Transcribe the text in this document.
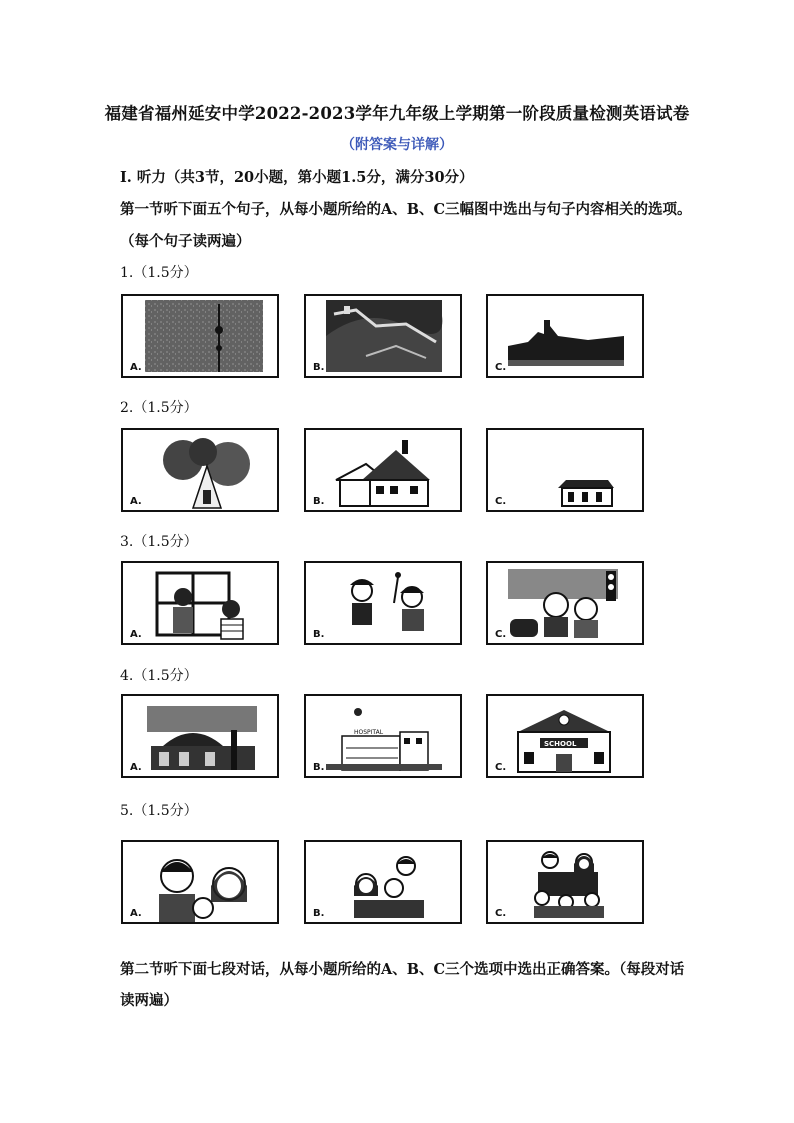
福建省福州延安中学2022-2023学年九年级上学期第一阶段质量检测英语试卷
（附答案与详解）
I. 听力（共3节，20小题，第小题1.5分，满分30分）
第一节听下面五个句子，从每小题所给的A、B、C三幅图中选出与句子内容相关的选项。
（每个句子读两遍）
1.（1.5分）
A.	B.	C.
2.（1.5分）
A.	B.	C.
3.（1.5分）
A.	B.	C.
4.（1.5分）
A.
HOSPITAL
B.
SCHOOL
C.
5.（1.5分）
A.	B.	C.
第二节听下面七段对话，从每小题所给的A、B、C三个选项中选出正确答案。（每段对话
读两遍）
